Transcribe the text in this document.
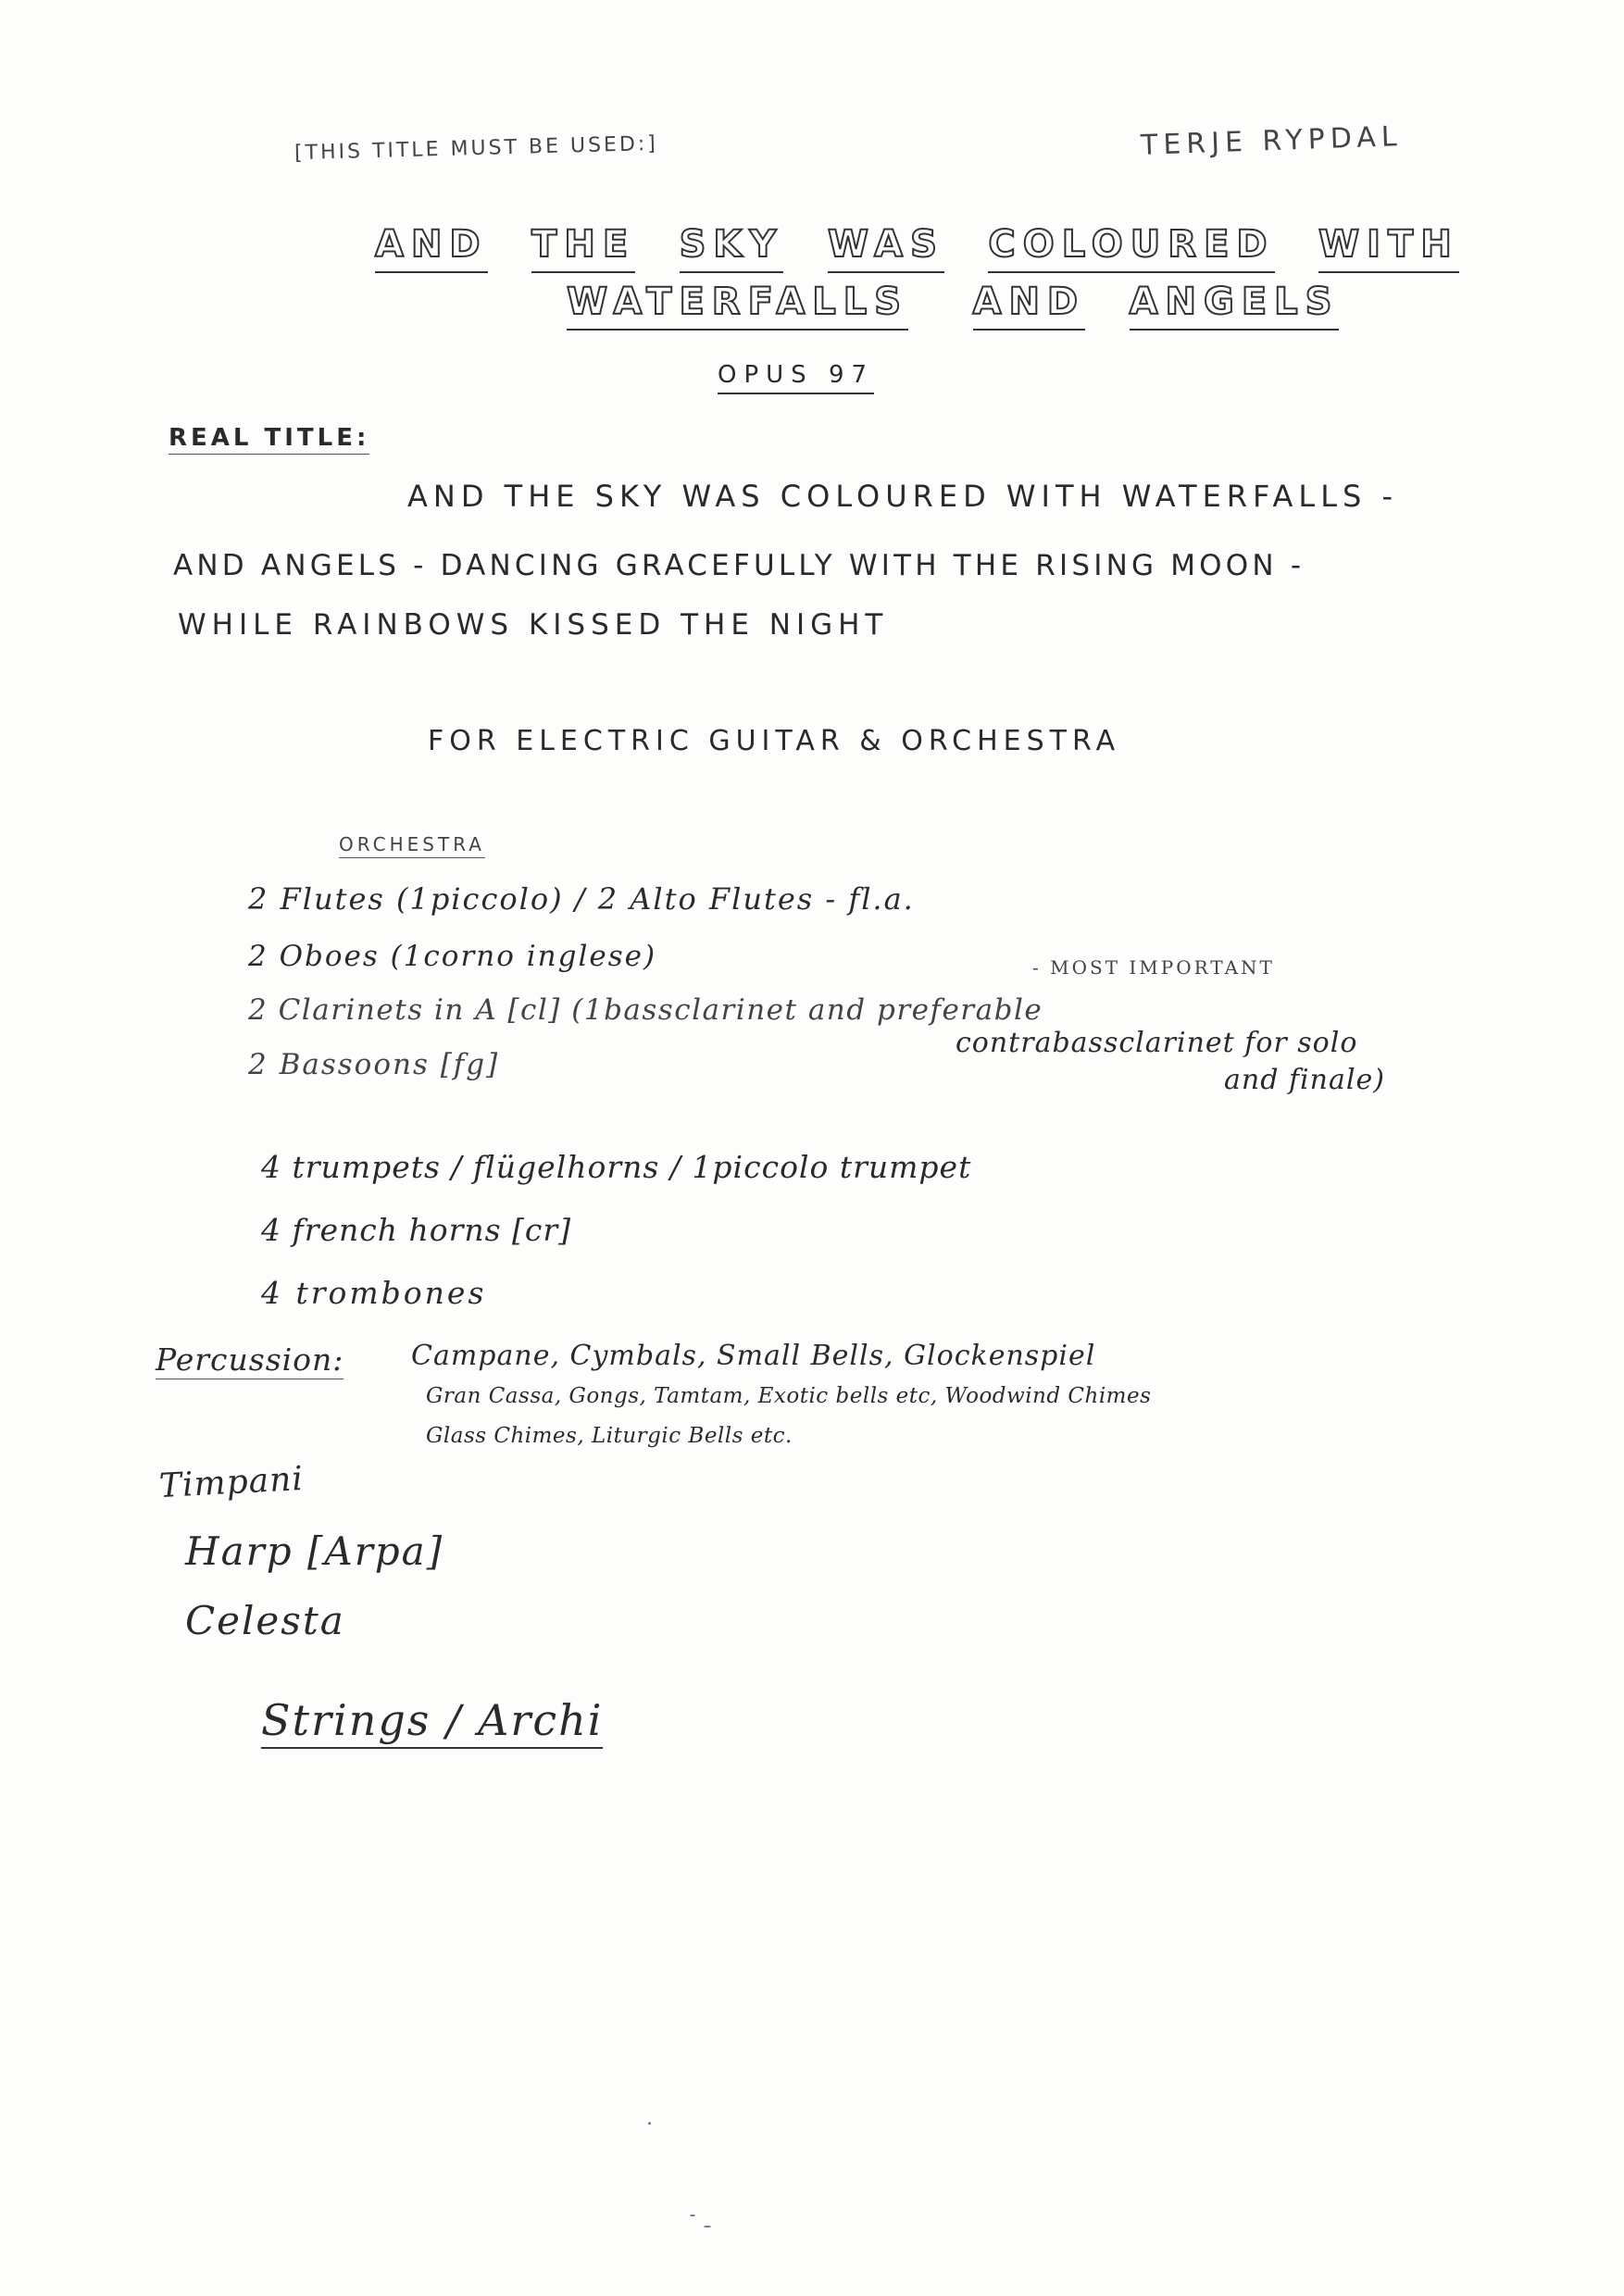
[THIS TITLE MUST BE USED:]	TERJE RYPDAL
AND THE SKY WAS COLOURED WITH
WATERFALLS AND ANGELS
OPUS 97
REAL TITLE:
AND THE SKY WAS COLOURED WITH WATERFALLS -
AND ANGELS - DANCING GRACEFULLY WITH THE RISING MOON -
WHILE RAINBOWS KISSED THE NIGHT
FOR ELECTRIC GUITAR & ORCHESTRA
ORCHESTRA
2 Flutes (1piccolo) / 2 Alto Flutes - fl.a.
2 Oboes (1corno inglese)	- MOST IMPORTANT
2 Clarinets in A [cl] (1bassclarinet and preferable
contrabassclarinet for solo
2 Bassoons [fg]	and finale)
4 trumpets / flügelhorns / 1piccolo trumpet
4 french horns [cr]
4 trombones
Percussion: Campane, Cymbals, Small Bells, Glockenspiel
Gran Cassa, Gongs, Tamtam, Exotic bells etc, Woodwind Chimes
Glass Chimes, Liturgic Bells etc.
Timpani
Harp [Arpa]
Celesta
Strings / Archi
